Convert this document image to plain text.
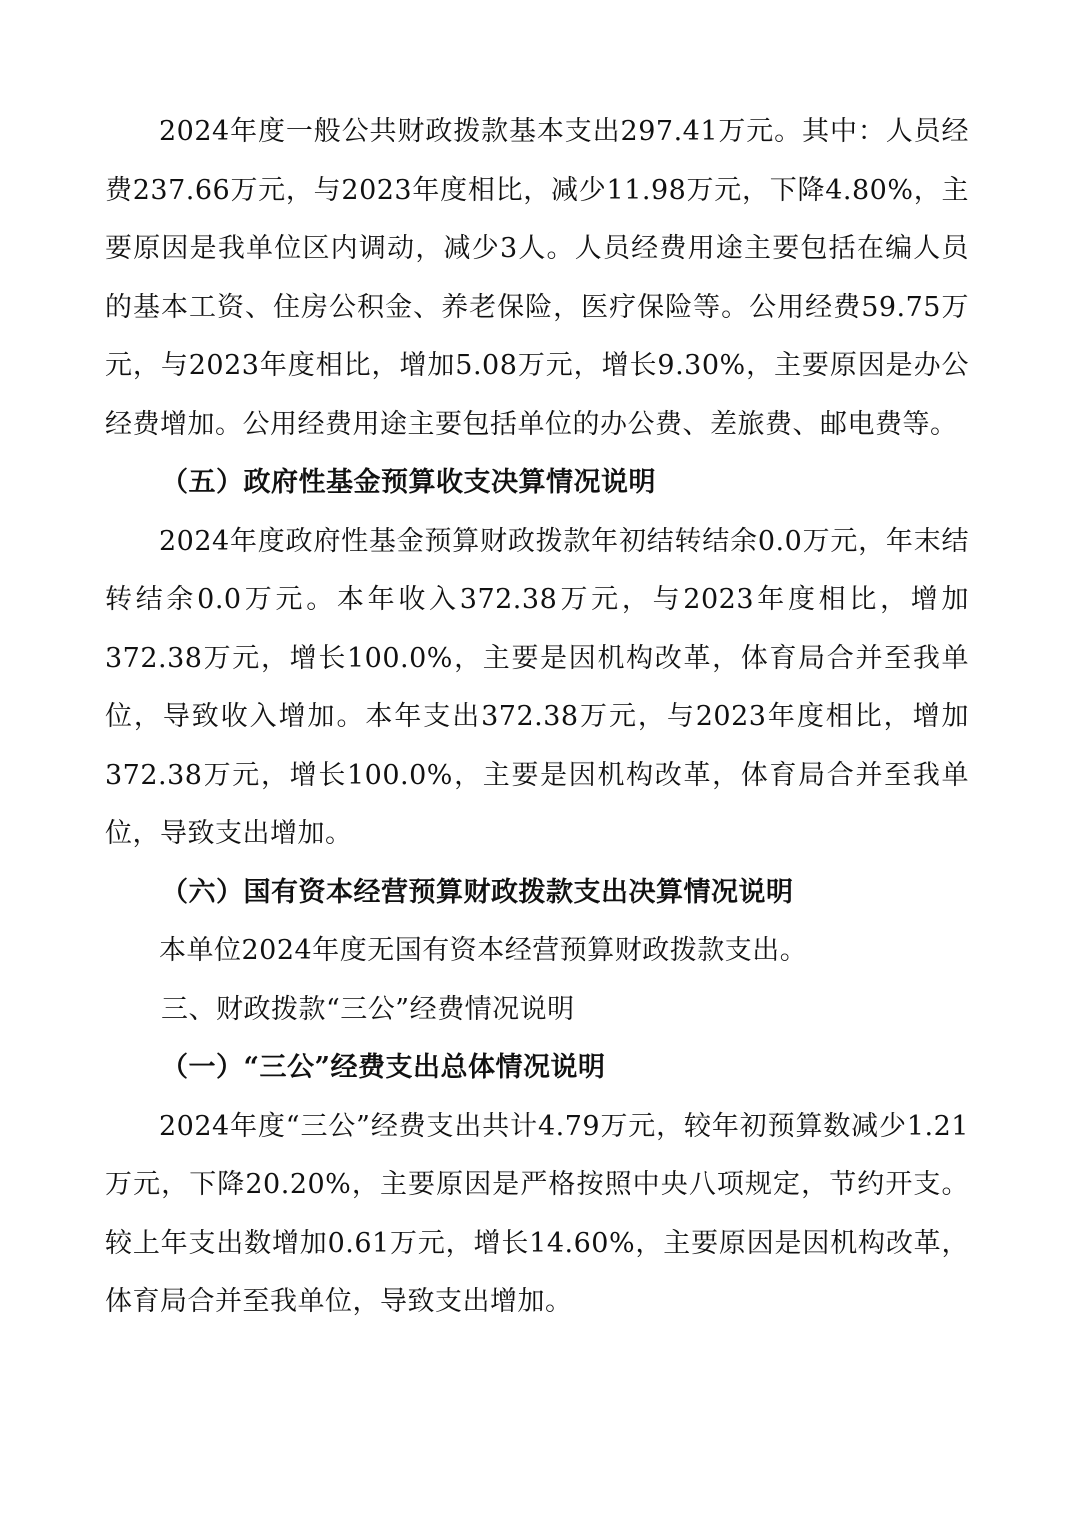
2024年度一般公共财政拨款基本支出297.41万元。其中：人员经费237.66万元，与2023年度相比，减少11.98万元，下降4.80%，主要原因是我单位区内调动，减少3人。人员经费用途主要包括在编人员的基本工资、住房公积金、养老保险，医疗保险等。公用经费59.75万元，与2023年度相比，增加5.08万元，增长9.30%，主要原因是办公经费增加。公用经费用途主要包括单位的办公费、差旅费、邮电费等。

（五）政府性基金预算收支决算情况说明

2024年度政府性基金预算财政拨款年初结转结余0.0万元，年末结转结余0.0万元。本年收入372.38万元，与2023年度相比，增加372.38万元，增长100.0%，主要是因机构改革，体育局合并至我单位，导致收入增加。本年支出372.38万元，与2023年度相比，增加372.38万元，增长100.0%，主要是因机构改革，体育局合并至我单位，导致支出增加。

（六）国有资本经营预算财政拨款支出决算情况说明

本单位2024年度无国有资本经营预算财政拨款支出。

三、财政拨款“三公”经费情况说明

（一）“三公”经费支出总体情况说明

2024年度“三公”经费支出共计4.79万元，较年初预算数减少1.21万元，下降20.20%，主要原因是严格按照中央八项规定，节约开支。较上年支出数增加0.61万元，增长14.60%，主要原因是因机构改革，体育局合并至我单位，导致支出增加。
